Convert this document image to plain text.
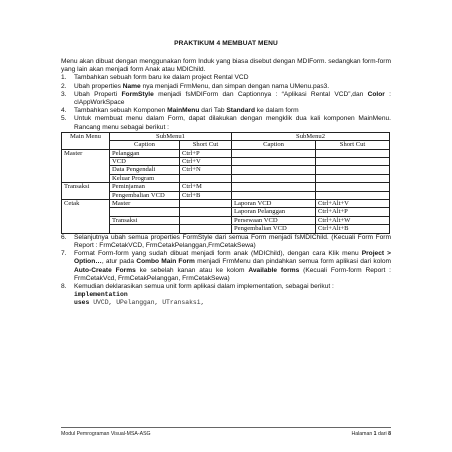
PRAKTIKUM 4 MEMBUAT MENU

Menu akan dibuat dengan menggunakan form Induk yang biasa disebut dengan MDIForm. sedangkan form-form yang lain akan menjadi form Anak atau MDIChild.

1.	Tambahkan sebuah form baru ke dalam project Rental VCD
2.	Ubah properties Name nya menjadi FrmMenu, dan simpan dengan nama UMenu.pas3.
3.	Ubah Properti FormStyle menjadi fsMDIForm dan Captionnya : “Aplikasi Rental VCD”,dan Color : clAppWorkSpace
4.	Tambahkan sebuah Komponen MainMenu dari Tab Standard ke dalam form
5.	Untuk membuat menu dalam Form, dapat dilakukan dengan mengklik dua kali komponen MainMenu. Rancang menu sebagai berikut :
Main Menu	SubMenu1		SubMenu2	
	Caption	Short Cut	Caption	Short Cut
Master	Pelanggan	Ctrl+P		
	VCD	Ctrl+V		
	Data Pengendali	Ctrl+N		
	Keluar Program			
Transaksi	Peminjaman	Ctrl+M		
	Pengembalian VCD	Ctrl+B		
Cetak	Master		Laporan VCD	Ctrl+Alt+V
			Laporan Pelanggan	Ctrl+Alt+P
	Transaksi		Persewaan VCD	Ctrl+Alt+W
			Pengembalian VCD	Ctrl+Alt+B
6.	Selanjutnya ubah semua properties FormStyle dari semua Form menjadi fsMDIChild. (Kecuali Form Form Report : FrmCetakVCD, FrmCetakPelanggan,FrmCetakSewa)
7.	Format Form-form yang sudah dibuat menjadi form anak (MDIChild), dengan cara Klik menu Project > Option…, atur pada Combo Main Form menjadi FrmMenu dan pindahkan semua form aplikasi dari kolom Auto-Create Forms ke sebelah kanan atau ke kolom Available forms (Kecuali Form-form Report : FrmCetakVcd, FrmCetakPelanggan, FrmCetakSewa)
8.	Kemudian deklarasikan semua unit form aplikasi dalam implementation, sebagai berikut :
implementation
uses UVCD, UPelanggan, UTransaksi,
Modul Pemrograman Visual-MSA-ASG	Halaman 1 dari 8
